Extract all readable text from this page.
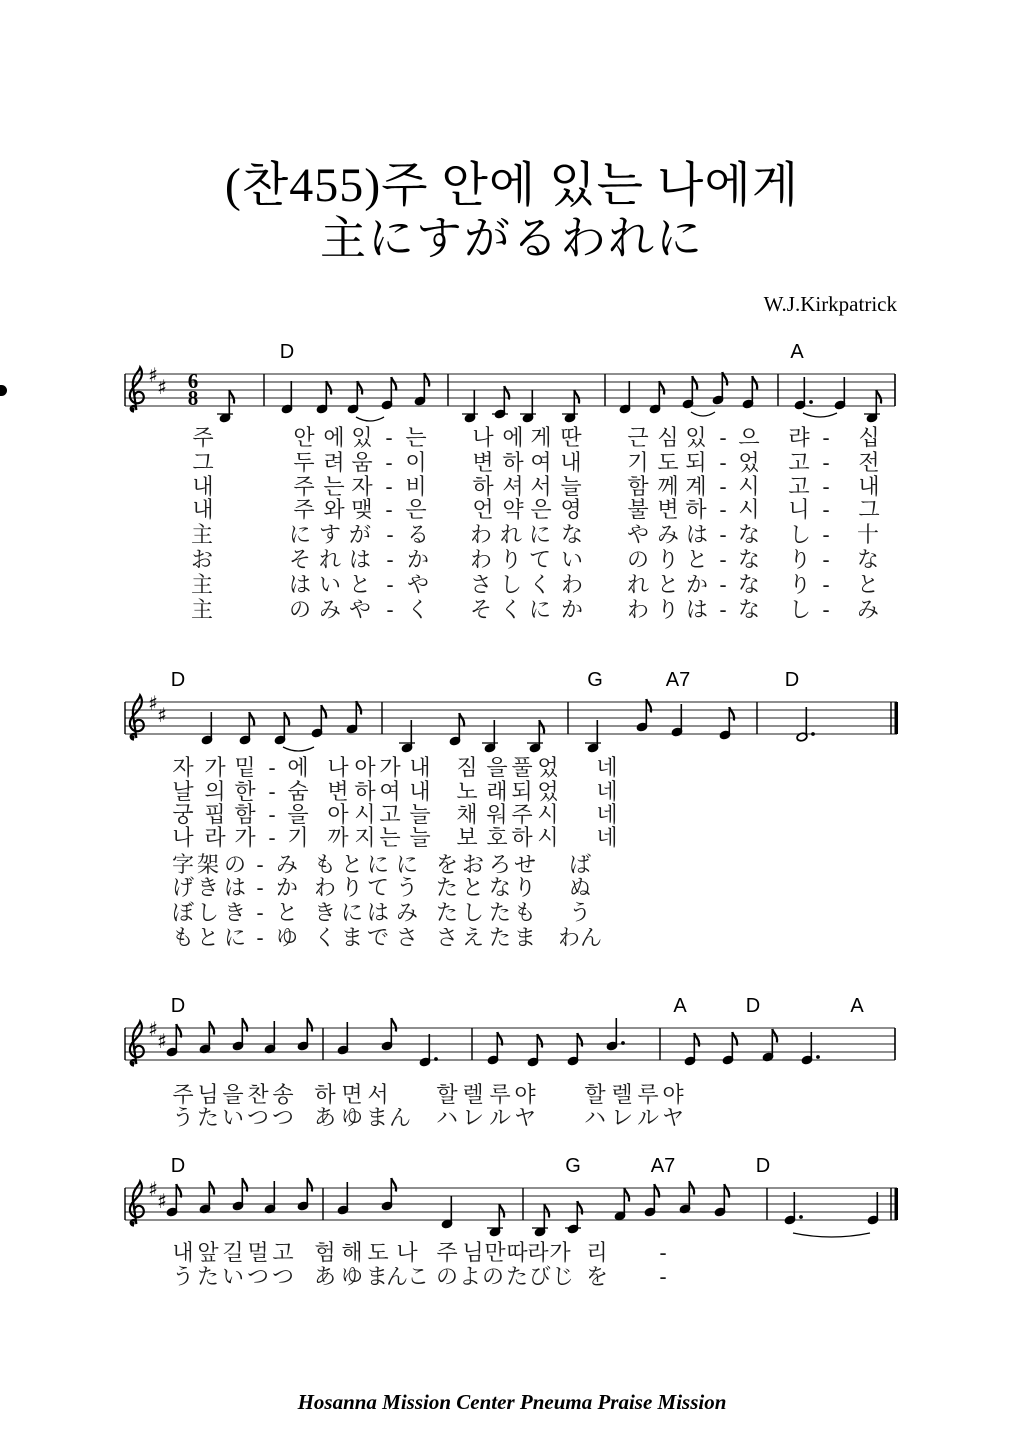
(찬455)주 안에 있는 나에게
主にすがるわれに
W.J.Kirkpatrick
♯ ♯ 6
8
♯ ♯
♯ ♯
♯ ♯
D	A
주	안 에 있 - 는 나 에 게 딴 근 심 있 - 으 랴 - 십
그	두 려 움 - 이 변 하 여 내 기 도 되 - 었 고 - 전
내	주 는 자 - 비 하 셔 서 늘 함 께 계 - 시 고 - 내
내	주 와 맺 - 은 언 약 은 영 불 변 하 - 시 니 - 그
主	に す が - る わ れ に な や み は - な し - 十
お	そ れ は - か わ り て い の り と - な り - な
主	は い と - や さ し く わ れ と か - な り - と
主	の み や - く そ く に か わ り は - な し - み
D	G	A7	D
자 가 밑 - 에 나 아 가 내 짐 을 풀 었 네
날 의 한 - 숨 변 하 여 내 노 래 되 었 네
궁 핍 함 - 을 아 시 고 늘 채 워 주 시 네
나 라 가 - 기 까 지 는 늘 보 호 하 시 네
字 架 の - み も と に に を お ろ せ ば
げ き は - か わ り て う た と な り ぬ
ぼ し き - と き に は み た し た も う
も と に - ゆ く ま で さ さ え た ま わん
D	A	D	A
주 님 을 찬 송 하 면 서 할 렐 루 야 할 렐 루 야
う た い つ つ あ ゆ ま ん ハ レ ル ヤ ハ レ ル ヤ
D	G	A7	D
내 앞 길 멀 고 험 해 도 나 주 님 만 따 라 가 리 -
う た い つ つ あ ゆ ま
ん
こ の よ の た び じ を -
Hosanna Mission Center Pneuma Praise Mission
